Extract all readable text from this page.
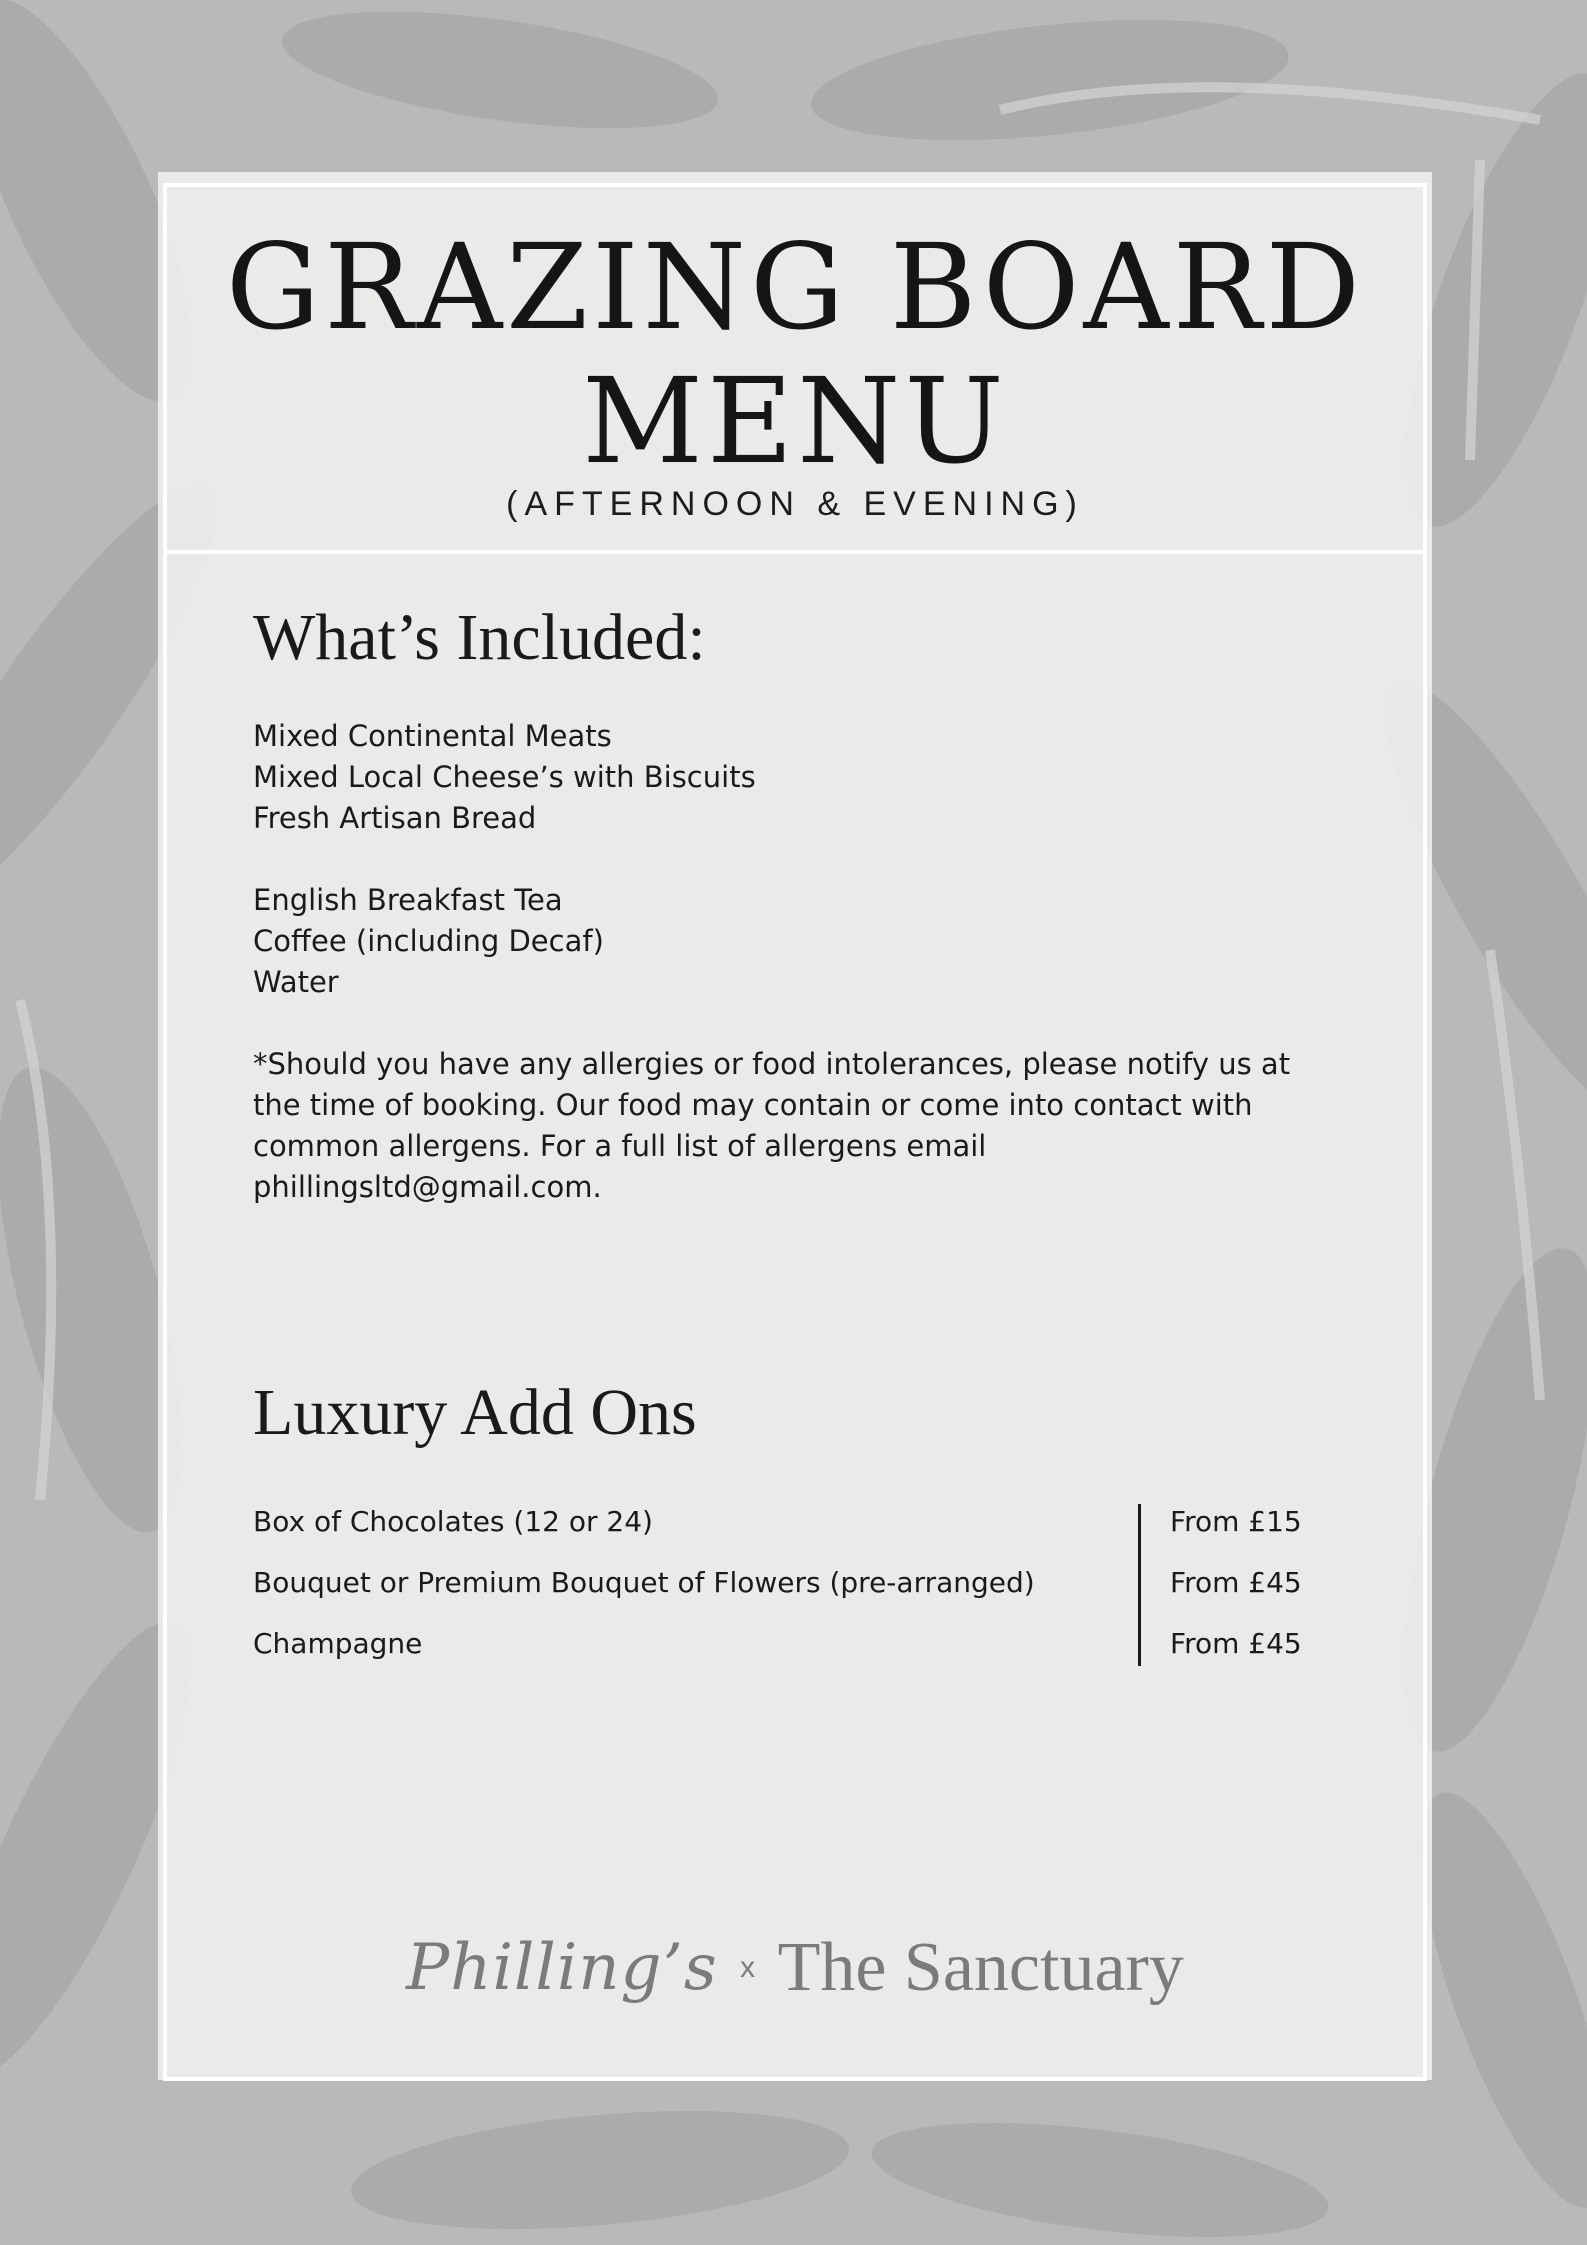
GRAZING BOARD
MENU
(AFTERNOON & EVENING)
What’s Included:
Mixed Continental Meats
Mixed Local Cheese’s with Biscuits
Fresh Artisan Bread
English Breakfast Tea
Coffee (including Decaf)
Water
*Should you have any allergies or food intolerances, please notify us at
the time of booking. Our food may contain or come into contact with
common allergens. For a full list of allergens email
phillingsltd@gmail.com.
Luxury Add Ons
Box of Chocolates (12 or 24)	From £15
Bouquet or Premium Bouquet of Flowers (pre-arranged)	From £45
Champagne	From £45
Philling’s x The Sanctuary
